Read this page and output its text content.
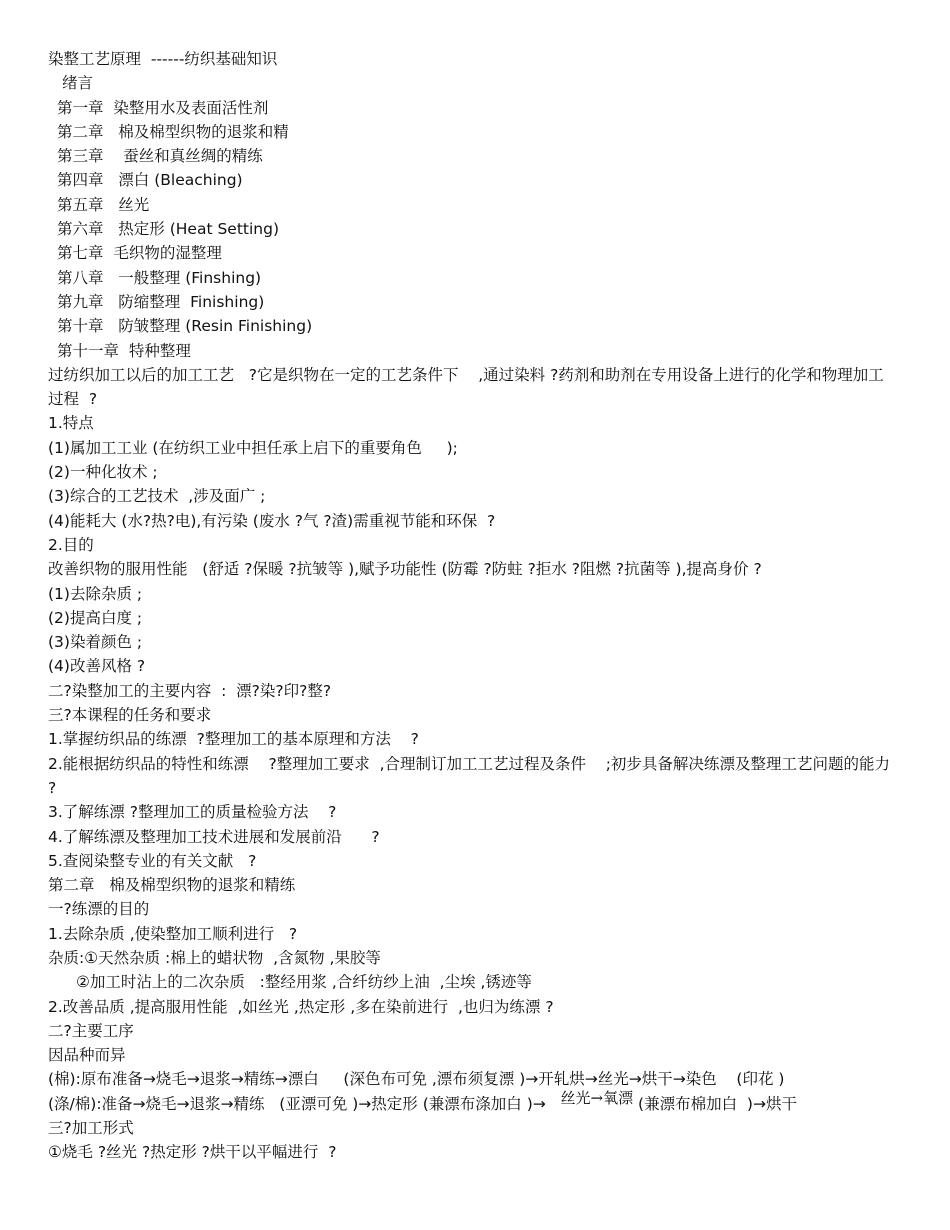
染整工艺原理  ------纺织基础知识
绪言
第一章  染整用水及表面活性剂
第二章   棉及棉型织物的退浆和精
第三章    蚕丝和真丝绸的精练
第四章   漂白 (Bleaching)
第五章   丝光
第六章   热定形 (Heat Setting)
第七章  毛织物的湿整理
第八章   一般整理 (Finshing)
第九章   防缩整理  Finishing)
第十章   防皱整理 (Resin Finishing)
第十一章  特种整理
过纺织加工以后的加工工艺   ?它是织物在一定的工艺条件下    ,通过染料 ?药剂和助剂在专用设备上进行的化学和物理加工过程  ?
1.特点
(1)属加工工业 (在纺织工业中担任承上启下的重要角色     );
(2)一种化妆术 ;
(3)综合的工艺技术  ,涉及面广 ;
(4)能耗大 (水?热?电),有污染 (废水 ?气 ?渣)需重视节能和环保  ?
2.目的
改善织物的服用性能   (舒适 ?保暖 ?抗皱等 ),赋予功能性 (防霉 ?防蛀 ?拒水 ?阻燃 ?抗菌等 ),提高身价 ?
(1)去除杂质 ;
(2)提高白度 ;
(3)染着颜色 ;
(4)改善风格 ?
二?染整加工的主要内容  :  漂?染?印?整?
三?本课程的任务和要求
1.掌握纺织品的练漂  ?整理加工的基本原理和方法    ?
2.能根据纺织品的特性和练漂    ?整理加工要求  ,合理制订加工工艺过程及条件    ;初步具备解决练漂及整理工艺问题的能力 ?
3.了解练漂 ?整理加工的质量检验方法    ?
4.了解练漂及整理加工技术进展和发展前沿      ?
5.查阅染整专业的有关文献   ?
第二章   棉及棉型织物的退浆和精练
一?练漂的目的
1.去除杂质 ,使染整加工顺利进行   ?
杂质:①天然杂质 :棉上的蜡状物  ,含氮物 ,果胶等
②加工时沾上的二次杂质   :整经用浆 ,合纤纺纱上油  ,尘埃 ,锈迹等
2.改善品质 ,提高服用性能  ,如丝光 ,热定形 ,多在染前进行  ,也归为练漂 ?
二?主要工序
因品种而异
(棉):原布准备→烧毛→退浆→精练→漂白     (深色布可免 ,漂布须复漂 )→开轧烘→丝光→烘干→染色    (印花 )
(涤/棉):准备→烧毛→退浆→精练   (亚漂可免 )→热定形 (兼漂布涤加白 )→   丝光→氧漂 (兼漂布棉加白  )→烘干
三?加工形式
①烧毛 ?丝光 ?热定形 ?烘干以平幅进行  ?
